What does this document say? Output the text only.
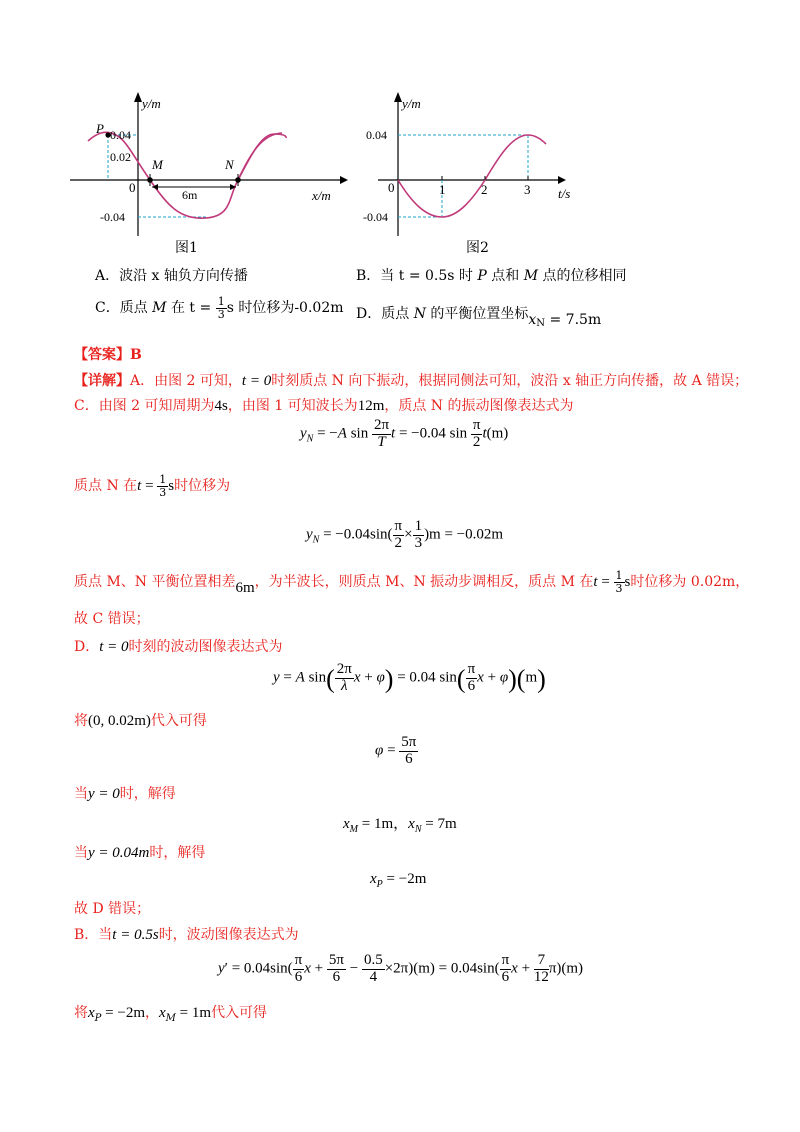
y/m
x/m
0
0.04
0.02
-0.04
P
M	N
6m
图1
y/m
t/s
0
0.04
-0.04
1	2	3
图2
A．波沿 x 轴负方向传播	B．当 t = 0.5s 时 P 点和 M 点的位移相同
C．质点 M 在 $t = \frac{1}{3}$ s 时位移为-0.02m D．质点 N 的平衡位置坐标$x_N = 7.5m$
【答案】B
【详解】A．由图 2 可知，t = 0时刻质点 N 向下振动，根据同侧法可知，波沿 x 轴正方向传播，故 A 错误；
C．由图 2 可知周期为4s，由图 1 可知波长为12m，质点 N 的振动图像表达式为
$y_N = -A$ $\sin \frac{2\pi}{T}$ t = −0.04 $\sin \frac{\pi}{2} t(m)$
质点 N 在$t = \frac{1}{3}$ s时位移为
$y_N = -0.04\sin( \frac{\pi}{2} \times \frac{1}{3} )m = -0.02m$
质点 M、N 平衡位置相差6m，为半波长，则质点 M、N 振动步调相反，质点 M 在$t = \frac{1}{3}$ s时位移为 0.02m，
故 C 错误；
D．t = 0时刻的波动图像表达式为
y = A $\sin( \frac{2\pi}{\lambda}$ x + φ) = 0.04 $\sin( \frac{\pi}{6}$ x + φ)(m)
将(0, 0.02m)代入可得
$\varphi = \frac{5\pi}{6}$
当y = 0时，解得
$x_M = 1m$，$x_N = 7m$
当y = 0.04m时，解得
$x_P = -2m$
故 D 错误；
B．当t = 0.5s时，波动图像表达式为
$y' = 0.04\sin( \frac{\pi}{6}$ $x + \frac{5\pi}{6} - \frac{0.5}{4} \times 2\pi)(m) = 0.04\sin( \frac{\pi}{6}$ $x + \frac{7}{12} \pi)(m)$
将$x_P = -2m$，$x_M = 1m$代入可得
